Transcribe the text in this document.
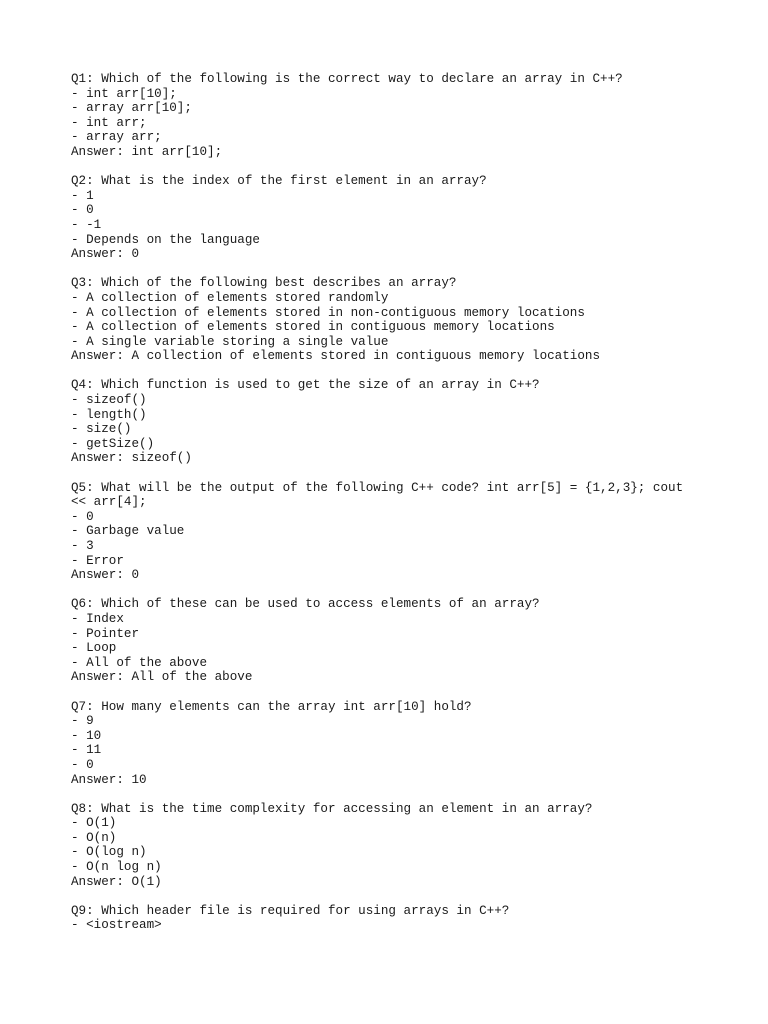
Q1: Which of the following is the correct way to declare an array in C++?
- int arr[10];
- array arr[10];
- int arr;
- array arr;
Answer: int arr[10];
Q2: What is the index of the first element in an array?
- 1
- 0
- -1
- Depends on the language
Answer: 0
Q3: Which of the following best describes an array?
- A collection of elements stored randomly
- A collection of elements stored in non-contiguous memory locations
- A collection of elements stored in contiguous memory locations
- A single variable storing a single value
Answer: A collection of elements stored in contiguous memory locations
Q4: Which function is used to get the size of an array in C++?
- sizeof()
- length()
- size()
- getSize()
Answer: sizeof()
Q5: What will be the output of the following C++ code? int arr[5] = {1,2,3}; cout << arr[4];
- 0
- Garbage value
- 3
- Error
Answer: 0
Q6: Which of these can be used to access elements of an array?
- Index
- Pointer
- Loop
- All of the above
Answer: All of the above
Q7: How many elements can the array int arr[10] hold?
- 9
- 10
- 11
- 0
Answer: 10
Q8: What is the time complexity for accessing an element in an array?
- O(1)
- O(n)
- O(log n)
- O(n log n)
Answer: O(1)
Q9: Which header file is required for using arrays in C++?
- <iostream>
